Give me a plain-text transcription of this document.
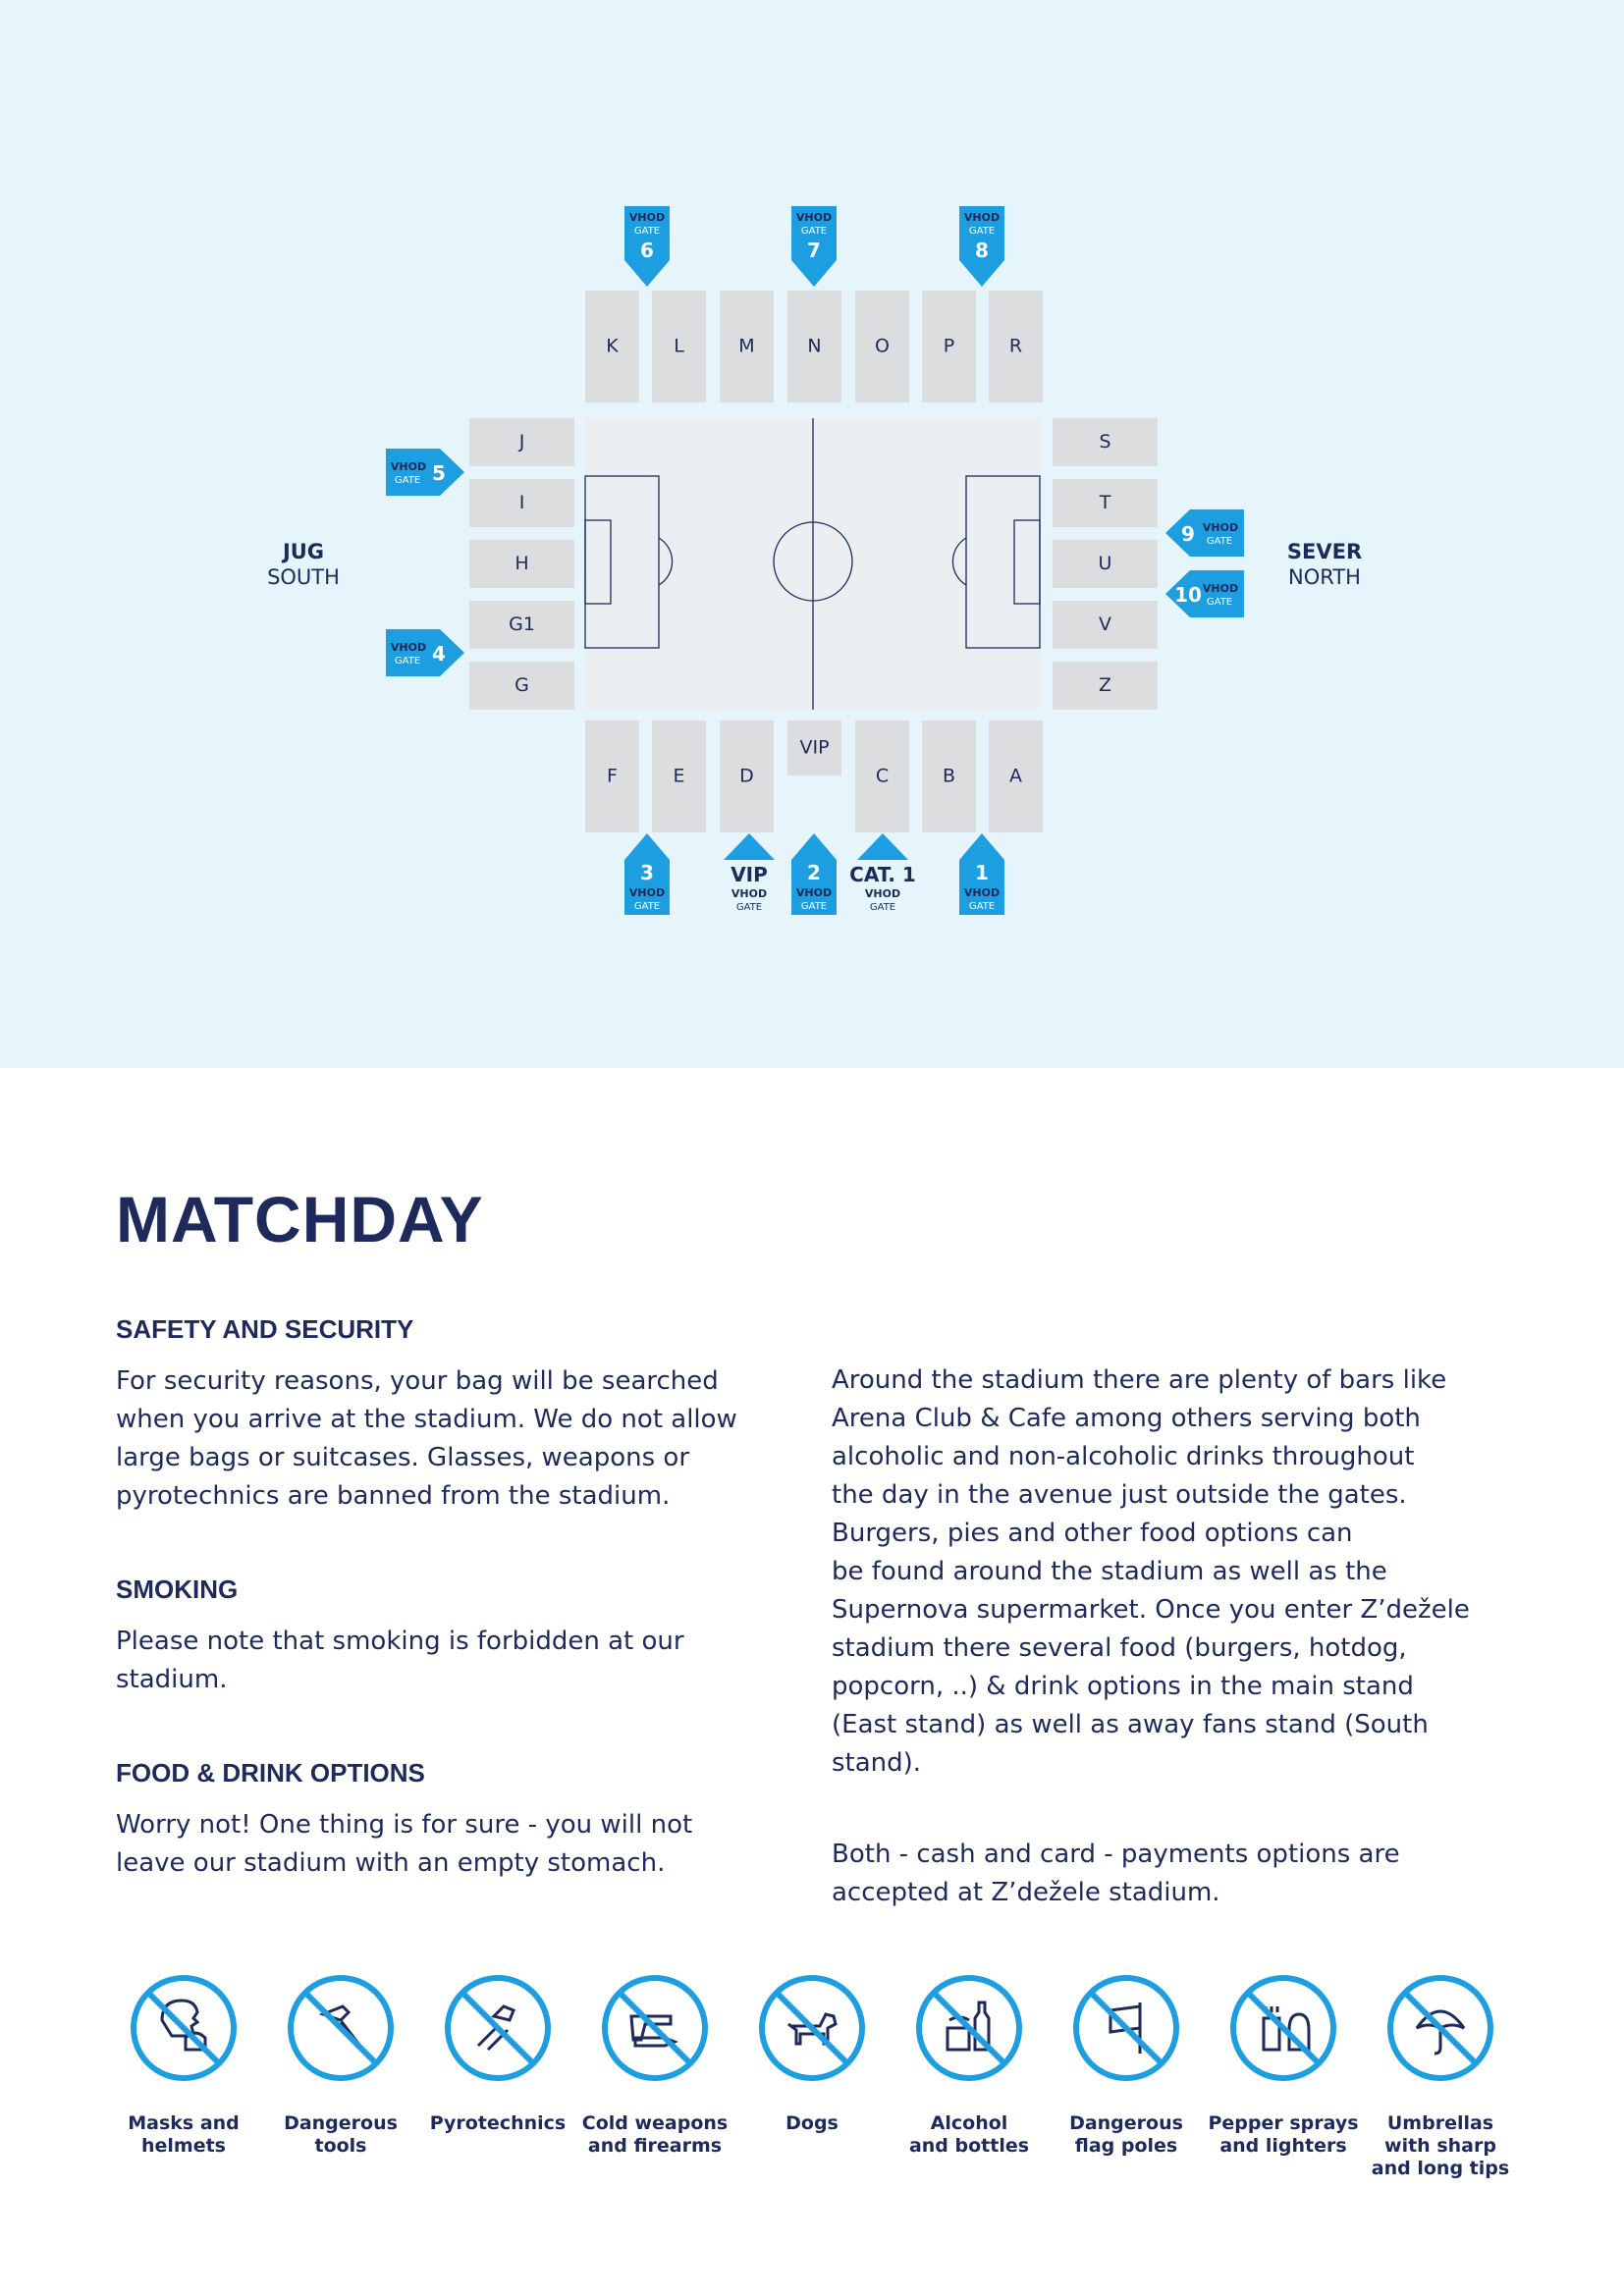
K	L	M	N	O	P	R
F	E	D
VIP
C	B	A
J
I
H
G1
G
S
T
U
V
Z
VHOD
GATE
6
VHOD
GATE
7
VHOD
GATE
8
3
VHOD
GATE
VIP
VHOD
GATE
2
VHOD
GATE
CAT. 1
VHOD
GATE
1
VHOD
GATE
VHOD
GATE 5
VHOD
GATE 4
9 VHOD
GATE
10 VHOD
GATE
JUG
SOUTH
SEVER
NORTH
MATCHDAY
SAFETY AND SECURITY
For security reasons, your bag will be searched
when you arrive at the stadium. We do not allow
large bags or suitcases. Glasses, weapons or
pyrotechnics are banned from the stadium.
SMOKING
Please note that smoking is forbidden at our
stadium.
FOOD & DRINK OPTIONS
Worry not! One thing is for sure - you will not
leave our stadium with an empty stomach.
Around the stadium there are plenty of bars like
Arena Club & Cafe among others serving both
alcoholic and non-alcoholic drinks throughout
the day in the avenue just outside the gates.
Burgers, pies and other food options can
be found around the stadium as well as the
Supernova supermarket. Once you enter Z’dežele
stadium there several food (burgers, hotdog,
popcorn, ..) & drink options in the main stand
(East stand) as well as away fans stand (South
stand).
Both - cash and card - payments options are
accepted at Z’dežele stadium.
Masks and
helmets
Dangerous
tools
Pyrotechnics Cold weapons
and firearms
Dogs	Alcohol
and bottles
Dangerous
flag poles
Pepper sprays
and lighters
Umbrellas
with sharp
and long tips
